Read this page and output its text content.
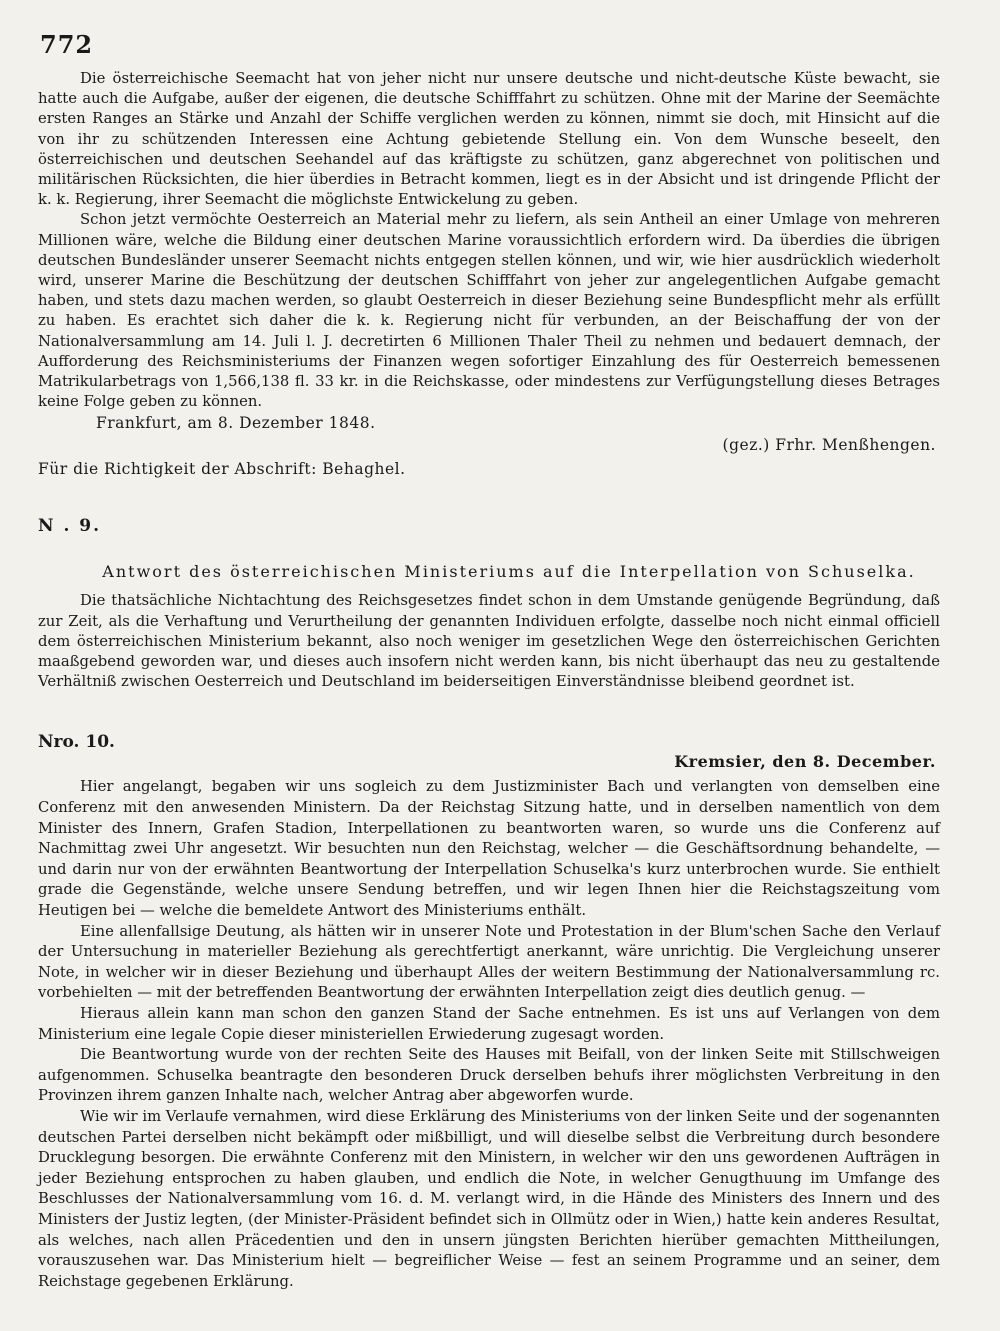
772

Die österreichische Seemacht hat von jeher nicht nur unsere deutsche und nicht-deutsche Küste bewacht, sie hatte auch die Aufgabe, außer der eigenen, die deutsche Schifffahrt zu schützen. Ohne mit der Marine der Seemächte ersten Ranges an Stärke und Anzahl der Schiffe verglichen werden zu können, nimmt sie doch, mit Hinsicht auf die von ihr zu schützenden Interessen eine Achtung gebietende Stellung ein. Von dem Wunsche beseelt, den österreichischen und deutschen Seehandel auf das kräftigste zu schützen, ganz abgerechnet von politischen und militärischen Rücksichten, die hier überdies in Betracht kommen, liegt es in der Absicht und ist dringende Pflicht der k. k. Regierung, ihrer Seemacht die möglichste Entwickelung zu geben.

Schon jetzt vermöchte Oesterreich an Material mehr zu liefern, als sein Antheil an einer Umlage von mehreren Millionen wäre, welche die Bildung einer deutschen Marine voraussichtlich erfordern wird. Da überdies die übrigen deutschen Bundesländer unserer Seemacht nichts entgegen stellen können, und wir, wie hier ausdrücklich wiederholt wird, unserer Marine die Beschützung der deutschen Schifffahrt von jeher zur angelegentlichen Aufgabe gemacht haben, und stets dazu machen werden, so glaubt Oesterreich in dieser Beziehung seine Bundespflicht mehr als erfüllt zu haben. Es erachtet sich daher die k. k. Regierung nicht für verbunden, an der Beischaffung der von der Nationalversammlung am 14. Juli l. J. decretirten 6 Millionen Thaler Theil zu nehmen und bedauert demnach, der Aufforderung des Reichsministeriums der Finanzen wegen sofortiger Einzahlung des für Oesterreich bemessenen Matrikularbetrags von 1,566,138 fl. 33 kr. in die Reichskasse, oder mindestens zur Verfügungstellung dieses Betrages keine Folge geben zu können.

Frankfurt, am 8. Dezember 1848.
(gez.) Frhr. Menßhengen.
Für die Richtigkeit der Abschrift: Behaghel.
N . 9.
Antwort des österreichischen Ministeriums auf die Interpellation von Schuselka.

Die thatsächliche Nichtachtung des Reichsgesetzes findet schon in dem Umstande genügende Begründung, daß zur Zeit, als die Verhaftung und Verurtheilung der genannten Individuen erfolgte, dasselbe noch nicht einmal officiell dem österreichischen Ministerium bekannt, also noch weniger im gesetzlichen Wege den österreichischen Gerichten maaßgebend geworden war, und dieses auch insofern nicht werden kann, bis nicht überhaupt das neu zu gestaltende Verhältniß zwischen Oesterreich und Deutschland im beiderseitigen Einverständnisse bleibend geordnet ist.

Nro. 10.
Kremsier, den 8. December.

Hier angelangt, begaben wir uns sogleich zu dem Justizminister Bach und verlangten von demselben eine Conferenz mit den anwesenden Ministern. Da der Reichstag Sitzung hatte, und in derselben namentlich von dem Minister des Innern, Grafen Stadion, Interpellationen zu beantworten waren, so wurde uns die Conferenz auf Nachmittag zwei Uhr angesetzt. Wir besuchten nun den Reichstag, welcher — die Geschäftsordnung behandelte, — und darin nur von der erwähnten Beantwortung der Interpellation Schuselka's kurz unterbrochen wurde. Sie enthielt grade die Gegenstände, welche unsere Sendung betreffen, und wir legen Ihnen hier die Reichstagszeitung vom Heutigen bei — welche die bemeldete Antwort des Ministeriums enthält.

Eine allenfallsige Deutung, als hätten wir in unserer Note und Protestation in der Blum'schen Sache den Verlauf der Untersuchung in materieller Beziehung als gerechtfertigt anerkannt, wäre unrichtig. Die Vergleichung unserer Note, in welcher wir in dieser Beziehung und überhaupt Alles der weitern Bestimmung der Nationalversammlung rc. vorbehielten — mit der betreffenden Beantwortung der erwähnten Interpellation zeigt dies deutlich genug. —

Hieraus allein kann man schon den ganzen Stand der Sache entnehmen. Es ist uns auf Verlangen von dem Ministerium eine legale Copie dieser ministeriellen Erwiederung zugesagt worden.

Die Beantwortung wurde von der rechten Seite des Hauses mit Beifall, von der linken Seite mit Stillschweigen aufgenommen. Schuselka beantragte den besonderen Druck derselben behufs ihrer möglichsten Verbreitung in den Provinzen ihrem ganzen Inhalte nach, welcher Antrag aber abgeworfen wurde.

Wie wir im Verlaufe vernahmen, wird diese Erklärung des Ministeriums von der linken Seite und der sogenannten deutschen Partei derselben nicht bekämpft oder mißbilligt, und will dieselbe selbst die Verbreitung durch besondere Drucklegung besorgen. Die erwähnte Conferenz mit den Ministern, in welcher wir den uns gewordenen Aufträgen in jeder Beziehung entsprochen zu haben glauben, und endlich die Note, in welcher Genugthuung im Umfange des Beschlusses der Nationalversammlung vom 16. d. M. verlangt wird, in die Hände des Ministers des Innern und des Ministers der Justiz legten, (der Minister-Präsident befindet sich in Ollmütz oder in Wien,) hatte kein anderes Resultat, als welches, nach allen Präcedentien und den in unsern jüngsten Berichten hierüber gemachten Mittheilungen, vorauszusehen war. Das Ministerium hielt — begreiflicher Weise — fest an seinem Programme und an seiner, dem Reichstage gegebenen Erklärung.
